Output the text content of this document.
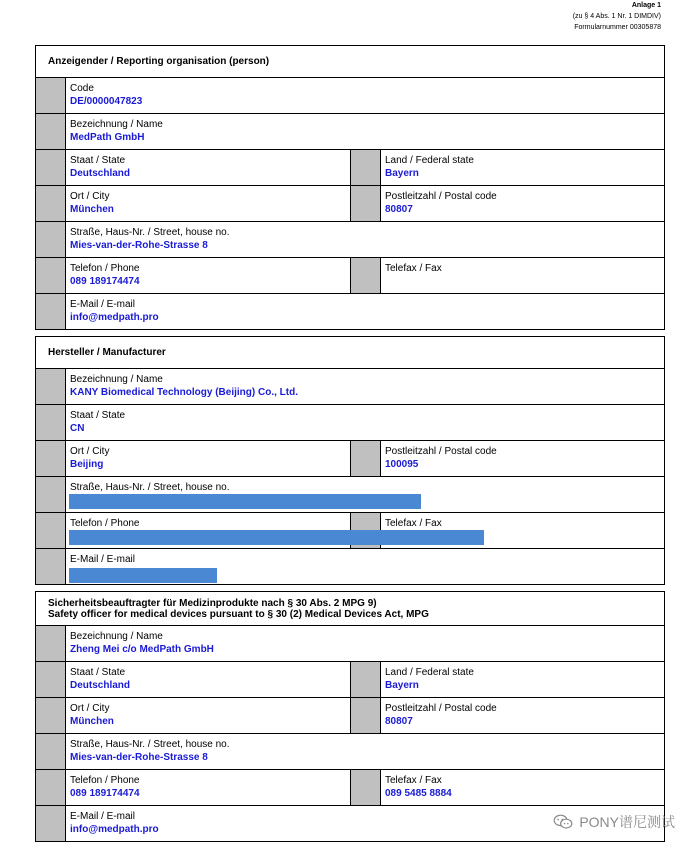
Anlage 1
(zu § 4 Abs. 1 Nr. 1 DIMDIV)
Formularnummer 00305878
Anzeigender / Reporting organisation (person)
Code
DE/0000047823
Bezeichnung / Name
MedPath GmbH
Staat / State
Deutschland
Land / Federal state
Bayern
Ort / City
München
Postleitzahl / Postal code
80807
Straße, Haus-Nr. / Street, house no.
Mies-van-der-Rohe-Strasse 8
Telefon / Phone
089 189174474
Telefax / Fax
E-Mail / E-mail
info@medpath.pro
Hersteller / Manufacturer
Bezeichnung / Name
KANY Biomedical Technology (Beijing) Co., Ltd.
Staat / State
CN
Ort / City
Beijing
Postleitzahl / Postal code
100095
Straße, Haus-Nr. / Street, house no.
Telefon / Phone	Telefax / Fax
E-Mail / E-mail
Sicherheitsbeauftragter für Medizinprodukte nach § 30 Abs. 2 MPG 9)
Safety officer for medical devices pursuant to § 30 (2) Medical Devices Act, MPG
Bezeichnung / Name
Zheng Mei c/o MedPath GmbH
Staat / State
Deutschland
Land / Federal state
Bayern
Ort / City
München
Postleitzahl / Postal code
80807
Straße, Haus-Nr. / Street, house no.
Mies-van-der-Rohe-Strasse 8
Telefon / Phone
089 189174474
Telefax / Fax
089 5485 8884
E-Mail / E-mail
info@medpath.pro	PONY谱尼测试
